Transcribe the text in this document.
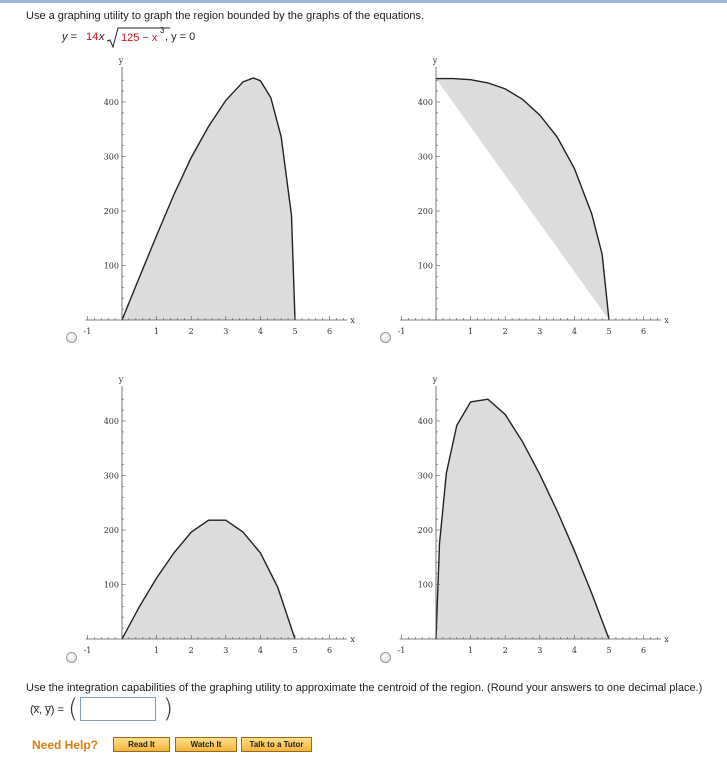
Use a graphing utility to graph the region bounded by the graphs of the equations.
y = 14 x 125 − x
3
, y = 0
-1	1	2	3	4	5	6
100
200
300
400
x
y
-1	1	2	3	4	5	6
100
200
300
400
x
y
-1	1	2	3	4	5	6
100
200
300
400
x
y
-1	1	2	3	4	5	6
100
200
300
400
x
y
Use the integration capabilities of the graphing utility to approximate the centroid of the region. (Round your answers to one decimal place.)
(x̅, y̅) = (	)
Need Help?	Read It	Watch It	Talk to a Tutor
